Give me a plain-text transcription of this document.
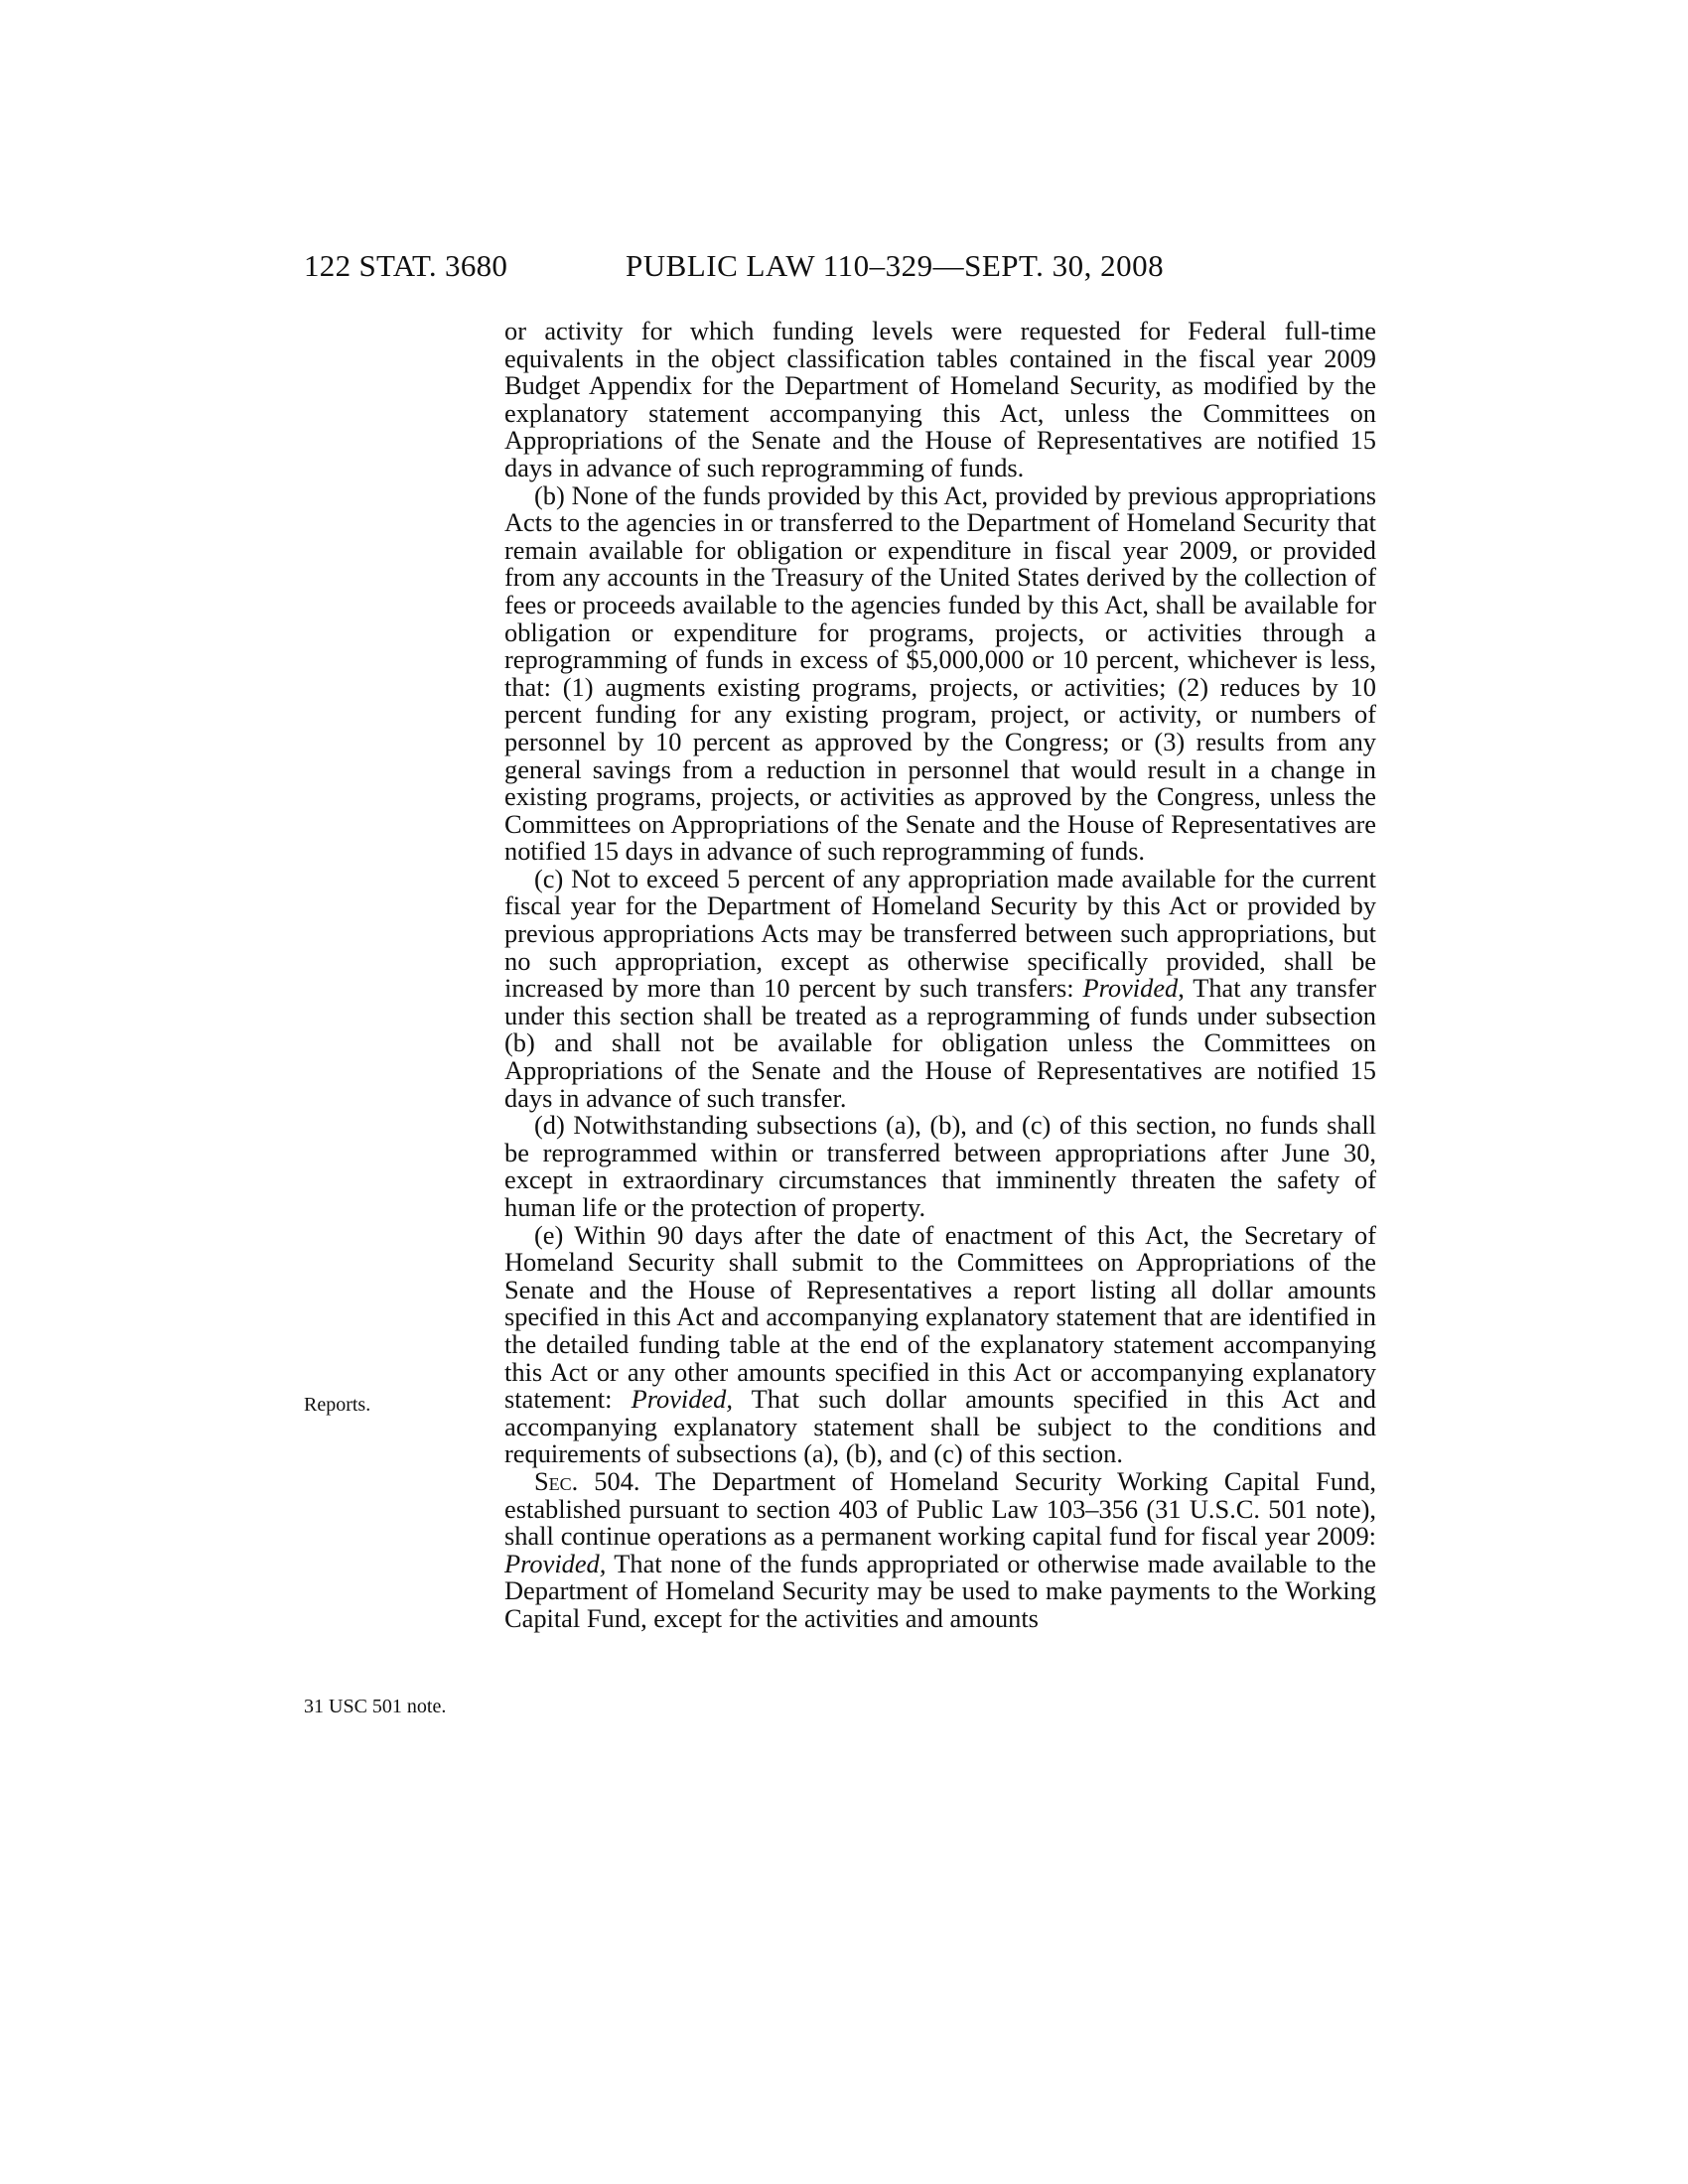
122 STAT. 3680	PUBLIC LAW 110–329—SEPT. 30, 2008
Reports.
31 USC 501 note.

or activity for which funding levels were requested for Federal full-time equivalents in the object classification tables contained in the fiscal year 2009 Budget Appendix for the Department of Homeland Security, as modified by the explanatory statement accompanying this Act, unless the Committees on Appropriations of the Senate and the House of Representatives are notified 15 days in advance of such reprogramming of funds.

(b) None of the funds provided by this Act, provided by previous appropriations Acts to the agencies in or transferred to the Department of Homeland Security that remain available for obligation or expenditure in fiscal year 2009, or provided from any accounts in the Treasury of the United States derived by the collection of fees or proceeds available to the agencies funded by this Act, shall be available for obligation or expenditure for programs, projects, or activities through a reprogramming of funds in excess of $5,000,000 or 10 percent, whichever is less, that: (1) augments existing programs, projects, or activities; (2) reduces by 10 percent funding for any existing program, project, or activity, or numbers of personnel by 10 percent as approved by the Congress; or (3) results from any general savings from a reduction in personnel that would result in a change in existing programs, projects, or activities as approved by the Congress, unless the Committees on Appropriations of the Senate and the House of Representatives are notified 15 days in advance of such reprogramming of funds.

(c) Not to exceed 5 percent of any appropriation made available for the current fiscal year for the Department of Homeland Security by this Act or provided by previous appropriations Acts may be transferred between such appropriations, but no such appropriation, except as otherwise specifically provided, shall be increased by more than 10 percent by such transfers: Provided, That any transfer under this section shall be treated as a reprogramming of funds under subsection (b) and shall not be available for obligation unless the Committees on Appropriations of the Senate and the House of Representatives are notified 15 days in advance of such transfer.

(d) Notwithstanding subsections (a), (b), and (c) of this section, no funds shall be reprogrammed within or transferred between appropriations after June 30, except in extraordinary circumstances that imminently threaten the safety of human life or the protection of property.

(e) Within 90 days after the date of enactment of this Act, the Secretary of Homeland Security shall submit to the Committees on Appropriations of the Senate and the House of Representatives a report listing all dollar amounts specified in this Act and accompanying explanatory statement that are identified in the detailed funding table at the end of the explanatory statement accompanying this Act or any other amounts specified in this Act or accompanying explanatory statement: Provided, That such dollar amounts specified in this Act and accompanying explanatory statement shall be subject to the conditions and requirements of subsections (a), (b), and (c) of this section.

Sec. 504. The Department of Homeland Security Working Capital Fund, established pursuant to section 403 of Public Law 103–356 (31 U.S.C. 501 note), shall continue operations as a permanent working capital fund for fiscal year 2009: Provided, That none of the funds appropriated or otherwise made available to the Department of Homeland Security may be used to make payments to the Working Capital Fund, except for the activities and amounts
